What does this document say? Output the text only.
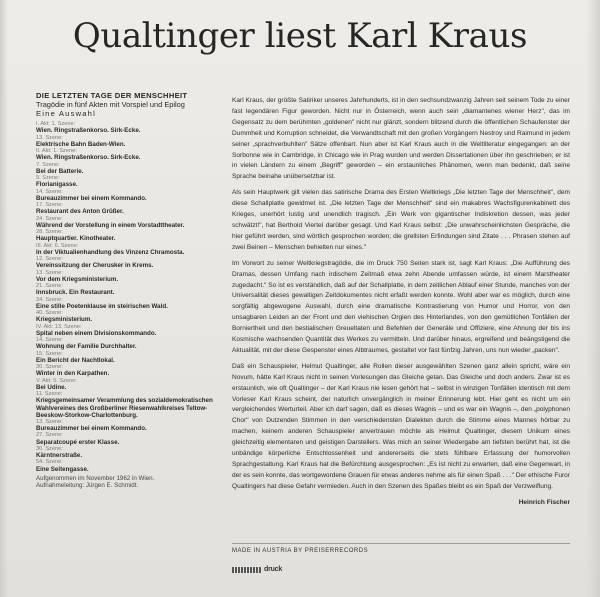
Qualtinger liest Karl Kraus
DIE LETZTEN TAGE DER MENSCHHEIT
Tragödie in fünf Akten mit Vorspiel und Epilog
Eine Auswahl
I. Akt: 1. Szene:
Wien. Ringstraßenkorso. Sirk-Ecke.
13. Szene:
Elektrische Bahn Baden-Wien.
II. Akt: 1. Szene:
Wien. Ringstraßenkorso. Sirk-Ecke.
7. Szene:
Bei der Batterie.
9. Szene:
Florianigasse.
14. Szene:
Bureauzimmer bei einem Kommando.
17. Szene:
Restaurant des Anton Grüßer.
24. Szene:
Während der Vorstellung in einem Vorstadttheater.
28. Szene:
Hauptquartier. Kinotheater.
III. Akt: 6. Szene:
In der Viktualienhandlung des Vinzenz Chramosta.
12. Szene:
Vereinssitzung der Cherusker in Krems.
13. Szene:
Vor dem Kriegsministerium.
21. Szene:
Innsbruck. Ein Restaurant.
34. Szene:
Eine stille Poetenklause im steirischen Wald.
40. Szene:
Kriegsministerium.
IV. Akt: 13. Szene:
Spital neben einem Divisionskommando.
14. Szene:
Wohnung der Familie Durchhalter.
15. Szene:
Ein Bericht der Nachtlokal.
30. Szene:
Winter in den Karpathen.
V. Akt: 5. Szene:
Bei Udine.
11. Szene:
Kriegsgemeinsamer Verammlung des sozialdemokratischen Wahlvereines des Großberliner Riesenwahlkreises Teltow-Beeskow-Storkow-Charlottenburg.
13. Szene:
Bureauzimmer bei einem Kommando.
27. Szene:
Separatcoupé erster Klasse.
30. Szene:
Kärntnerstraße.
54. Szene:
Eine Seitengasse.
Aufgenommen im November 1962 in Wien.
Aufnahmeleitung: Jürgen E. Schmidt.

Karl Kraus, der größte Satiriker unseres Jahrhunderts, ist in den sechsundzwanzig Jahren seit seinem Tode zu einer fast legendären Figur geworden. Nicht nur in Österreich, wenn auch sein „diamantenes wiener Herz", das im Gegensatz zu dem berühmten „goldenen" nicht nur glänzt, sondern blitzend durch die öffentlichen Schaufenster der Dummheit und Korruption schneidet, die Verwandtschaft mit den großen Vorgängern Nestroy und Raimund in jedem seiner „sprachverbuhlten" Sätze offenbart. Nun aber ist Karl Kraus auch in die Weltliteratur eingegangen: an der Sorbonne wie in Cambridge, in Chicago wie in Prag wurden und werden Dissertationen über ihn geschrieben; er ist in vielen Ländern zu einem „Begriff" geworden – ein erstaunliches Phänomen, wenn man bedenkt, daß seine Sprache beinahe unübersetzbar ist.

Als sein Hauptwerk gilt vielen das satirische Drama des Ersten Weltkriegs „Die letzten Tage der Menschheit", dem diese Schallplatte gewidmet ist. „Die letzten Tage der Menschheit" sind ein makabres Wachsfigurenkabinett des Krieges, unerhört lustig und unendlich tragisch. „Ein Werk von gigantischer Indiskretion dessen, was jeder schwätzt!", hat Berthold Viertel darüber gesagt. Und Karl Kraus selbst: „Die unwahrscheinlichsten Gespräche, die hier geführt werden, sind wörtlich gesprochen worden; die grellsten Erfindungen sind Zitate . . . Phrasen stehen auf zwei Beinen – Menschen behielten nur eines."

Im Vorwort zu seiner Weltkriegstragödie, die im Druck 750 Seiten stark ist, sagt Karl Kraus: „Die Aufführung des Dramas, dessen Umfang nach irdischem Zeitmaß etwa zehn Abende umfassen würde, ist einem Marstheater zugedacht." So ist es verständlich, daß auf der Schallplatte, in dem zeitlichen Ablauf einer Stunde, manches von der Universalität dieses gewaltigen Zeitdokumentes nicht erfaßt werden konnte. Wohl aber war es möglich, durch eine sorgfältig abgewogene Auswahl, durch eine dramatische Kontrastierung von Humor und Horror, von den unsagbaren Leiden an der Front und den viehischen Orgien des Hinterlandes, von den gemütlichen Tonfällen der Borniertheit und den bestialischen Greueltaten und Befehlen der Generäle und Offiziere, eine Ahnung der bis ins Kosmische wachsenden Quantität des Werkes zu vermitteln. Und darüber hinaus, ergreifend und beängstigend die Aktualität, mit der diese Gespenster eines Albtraumes, gestaltet vor fast fünfzig Jahren, uns nun wieder „packen".

Daß ein Schauspieler, Helmut Qualtinger, alle Rollen dieser ausgewählten Szenen ganz allein spricht, wäre ein Novum, hätte Karl Kraus nicht in seinen Vorlesungen das Gleiche getan. Das Gleiche und doch anders. Zwar ist es erstaunlich, wie oft Qualtinger – der Karl Kraus nie lesen gehört hat – selbst in winzigen Tonfällen identisch mit dem Vorleser Karl Kraus scheint, der naturlich unvergänglich in meiner Erinnerung lebt. Hier geht es nicht um ein vergleichendes Werturteil. Aber ich darf sagen, daß es dieses Wagnis – und es war ein Wagnis –, den „polyphonen Chor" von Dutzenden Stimmen in den verschiedensten Dialekten durch die Stimme eines Mannes hörbar zu machen, keinem anderen Schauspieler anvertrauen möchte als Helmut Qualtinger, diesem Unikum eines gleichzeitig elementaren und geistigen Darstellers. Was mich an seiner Wiedergabe am tiefsten berührt hat, ist die unbändige körperliche Entschlossenheit und andererseits die stets fühlbare Erfassung der humorvollen Sprachgestaltung. Karl Kraus hat die Befürchtung ausgesprochen: „Es ist nicht zu erwarten, daß eine Gegenwart, in der es sein konnte, das wortgewordene Grauen für etwas anderes nehme als für einen Spaß . . ." Der ethische Furor Qualtingers hat diese Gefahr vermieden. Auch in den Szenen des Spaßes bleibt es ein Spaß der Verzweiflung.

Heinrich Fischer

MADE IN AUSTRIA BY PREISERRECORDS
druck
